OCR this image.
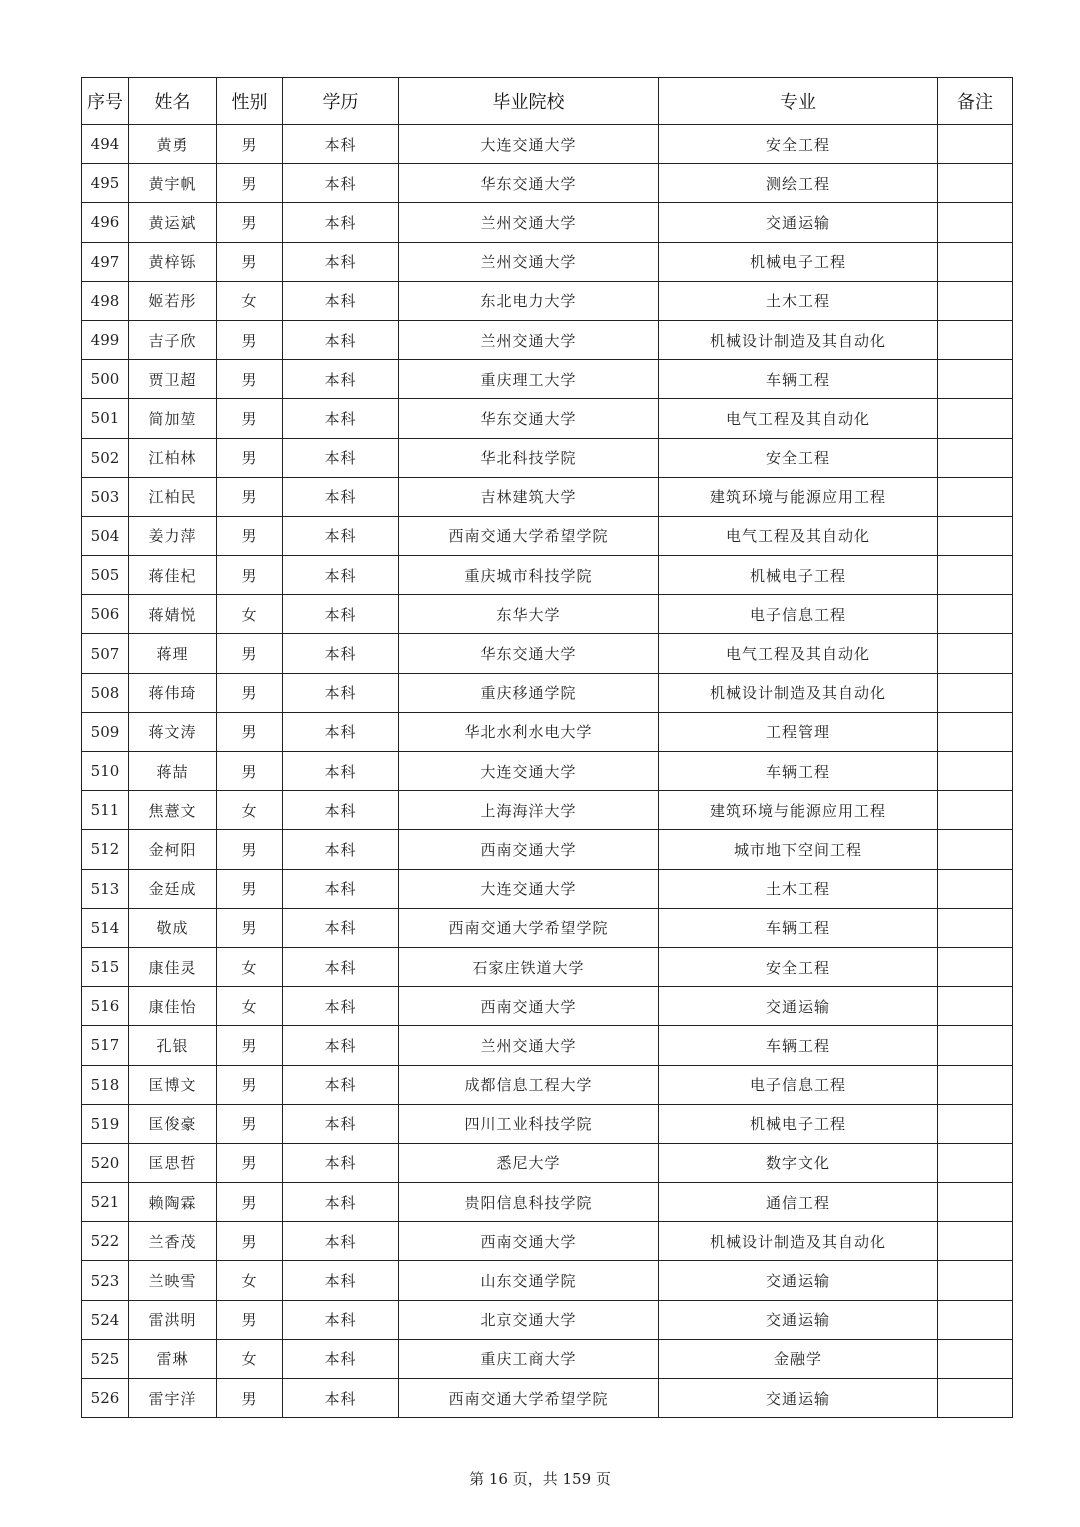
序号	姓名	性别	学历	毕业院校	专业	备注
494	黄勇	男	本科	大连交通大学	安全工程	
495	黄宇帆	男	本科	华东交通大学	测绘工程	
496	黄运斌	男	本科	兰州交通大学	交通运输	
497	黄梓铄	男	本科	兰州交通大学	机械电子工程	
498	姬若彤	女	本科	东北电力大学	土木工程	
499	吉子欣	男	本科	兰州交通大学	机械设计制造及其自动化	
500	贾卫超	男	本科	重庆理工大学	车辆工程	
501	简加堃	男	本科	华东交通大学	电气工程及其自动化	
502	江柏林	男	本科	华北科技学院	安全工程	
503	江柏民	男	本科	吉林建筑大学	建筑环境与能源应用工程	
504	姜力萍	男	本科	西南交通大学希望学院	电气工程及其自动化	
505	蒋佳杞	男	本科	重庆城市科技学院	机械电子工程	
506	蒋婧悦	女	本科	东华大学	电子信息工程	
507	蒋理	男	本科	华东交通大学	电气工程及其自动化	
508	蒋伟琦	男	本科	重庆移通学院	机械设计制造及其自动化	
509	蒋文涛	男	本科	华北水利水电大学	工程管理	
510	蒋喆	男	本科	大连交通大学	车辆工程	
511	焦薏文	女	本科	上海海洋大学	建筑环境与能源应用工程	
512	金柯阳	男	本科	西南交通大学	城市地下空间工程	
513	金廷成	男	本科	大连交通大学	土木工程	
514	敬成	男	本科	西南交通大学希望学院	车辆工程	
515	康佳灵	女	本科	石家庄铁道大学	安全工程	
516	康佳怡	女	本科	西南交通大学	交通运输	
517	孔银	男	本科	兰州交通大学	车辆工程	
518	匡博文	男	本科	成都信息工程大学	电子信息工程	
519	匡俊豪	男	本科	四川工业科技学院	机械电子工程	
520	匡思哲	男	本科	悉尼大学	数字文化	
521	赖陶霖	男	本科	贵阳信息科技学院	通信工程	
522	兰香茂	男	本科	西南交通大学	机械设计制造及其自动化	
523	兰映雪	女	本科	山东交通学院	交通运输	
524	雷洪明	男	本科	北京交通大学	交通运输	
525	雷琳	女	本科	重庆工商大学	金融学	
526	雷宇洋	男	本科	西南交通大学希望学院	交通运输	
第 16 页，共 159 页
